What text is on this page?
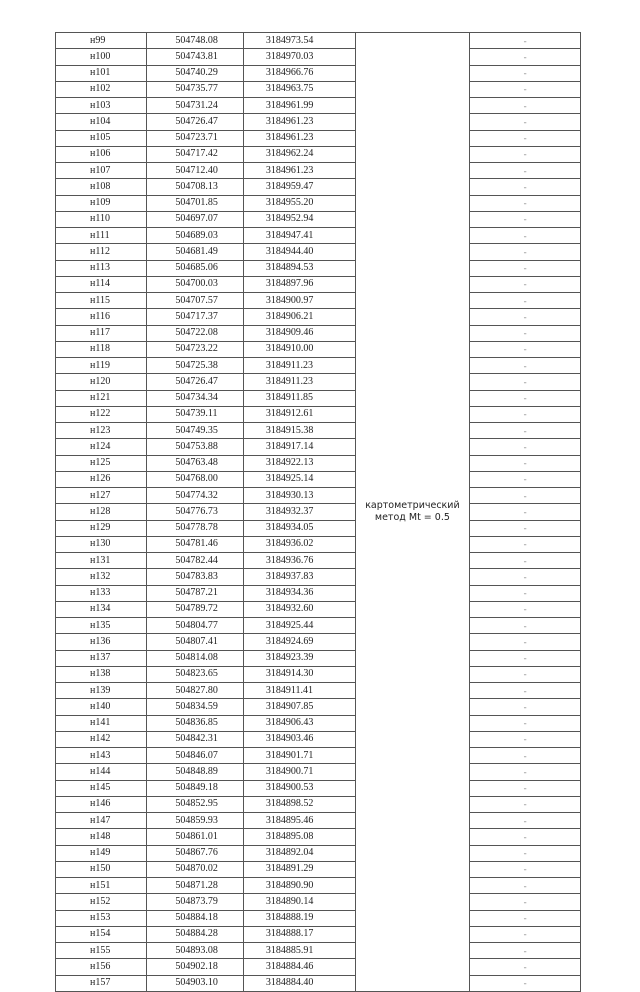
н99	504748.08	3184973.54	картометрический
метод Mt = 0.5	-
н100	504743.81	3184970.03		-
н101	504740.29	3184966.76		-
н102	504735.77	3184963.75		-
н103	504731.24	3184961.99		-
н104	504726.47	3184961.23		-
н105	504723.71	3184961.23		-
н106	504717.42	3184962.24		-
н107	504712.40	3184961.23		-
н108	504708.13	3184959.47		-
н109	504701.85	3184955.20		-
н110	504697.07	3184952.94		-
н111	504689.03	3184947.41		-
н112	504681.49	3184944.40		-
н113	504685.06	3184894.53		-
н114	504700.03	3184897.96		-
н115	504707.57	3184900.97		-
н116	504717.37	3184906.21		-
н117	504722.08	3184909.46		-
н118	504723.22	3184910.00		-
н119	504725.38	3184911.23		-
н120	504726.47	3184911.23		-
н121	504734.34	3184911.85		-
н122	504739.11	3184912.61		-
н123	504749.35	3184915.38		-
н124	504753.88	3184917.14		-
н125	504763.48	3184922.13		-
н126	504768.00	3184925.14		-
н127	504774.32	3184930.13		-
н128	504776.73	3184932.37		-
н129	504778.78	3184934.05		-
н130	504781.46	3184936.02		-
н131	504782.44	3184936.76		-
н132	504783.83	3184937.83		-
н133	504787.21	3184934.36		-
н134	504789.72	3184932.60		-
н135	504804.77	3184925.44		-
н136	504807.41	3184924.69		-
н137	504814.08	3184923.39		-
н138	504823.65	3184914.30		-
н139	504827.80	3184911.41		-
н140	504834.59	3184907.85		-
н141	504836.85	3184906.43		-
н142	504842.31	3184903.46		-
н143	504846.07	3184901.71		-
н144	504848.89	3184900.71		-
н145	504849.18	3184900.53		-
н146	504852.95	3184898.52		-
н147	504859.93	3184895.46		-
н148	504861.01	3184895.08		-
н149	504867.76	3184892.04		-
н150	504870.02	3184891.29		-
н151	504871.28	3184890.90		-
н152	504873.79	3184890.14		-
н153	504884.18	3184888.19		-
н154	504884.28	3184888.17		-
н155	504893.08	3184885.91		-
н156	504902.18	3184884.46		-
н157	504903.10	3184884.40		-
